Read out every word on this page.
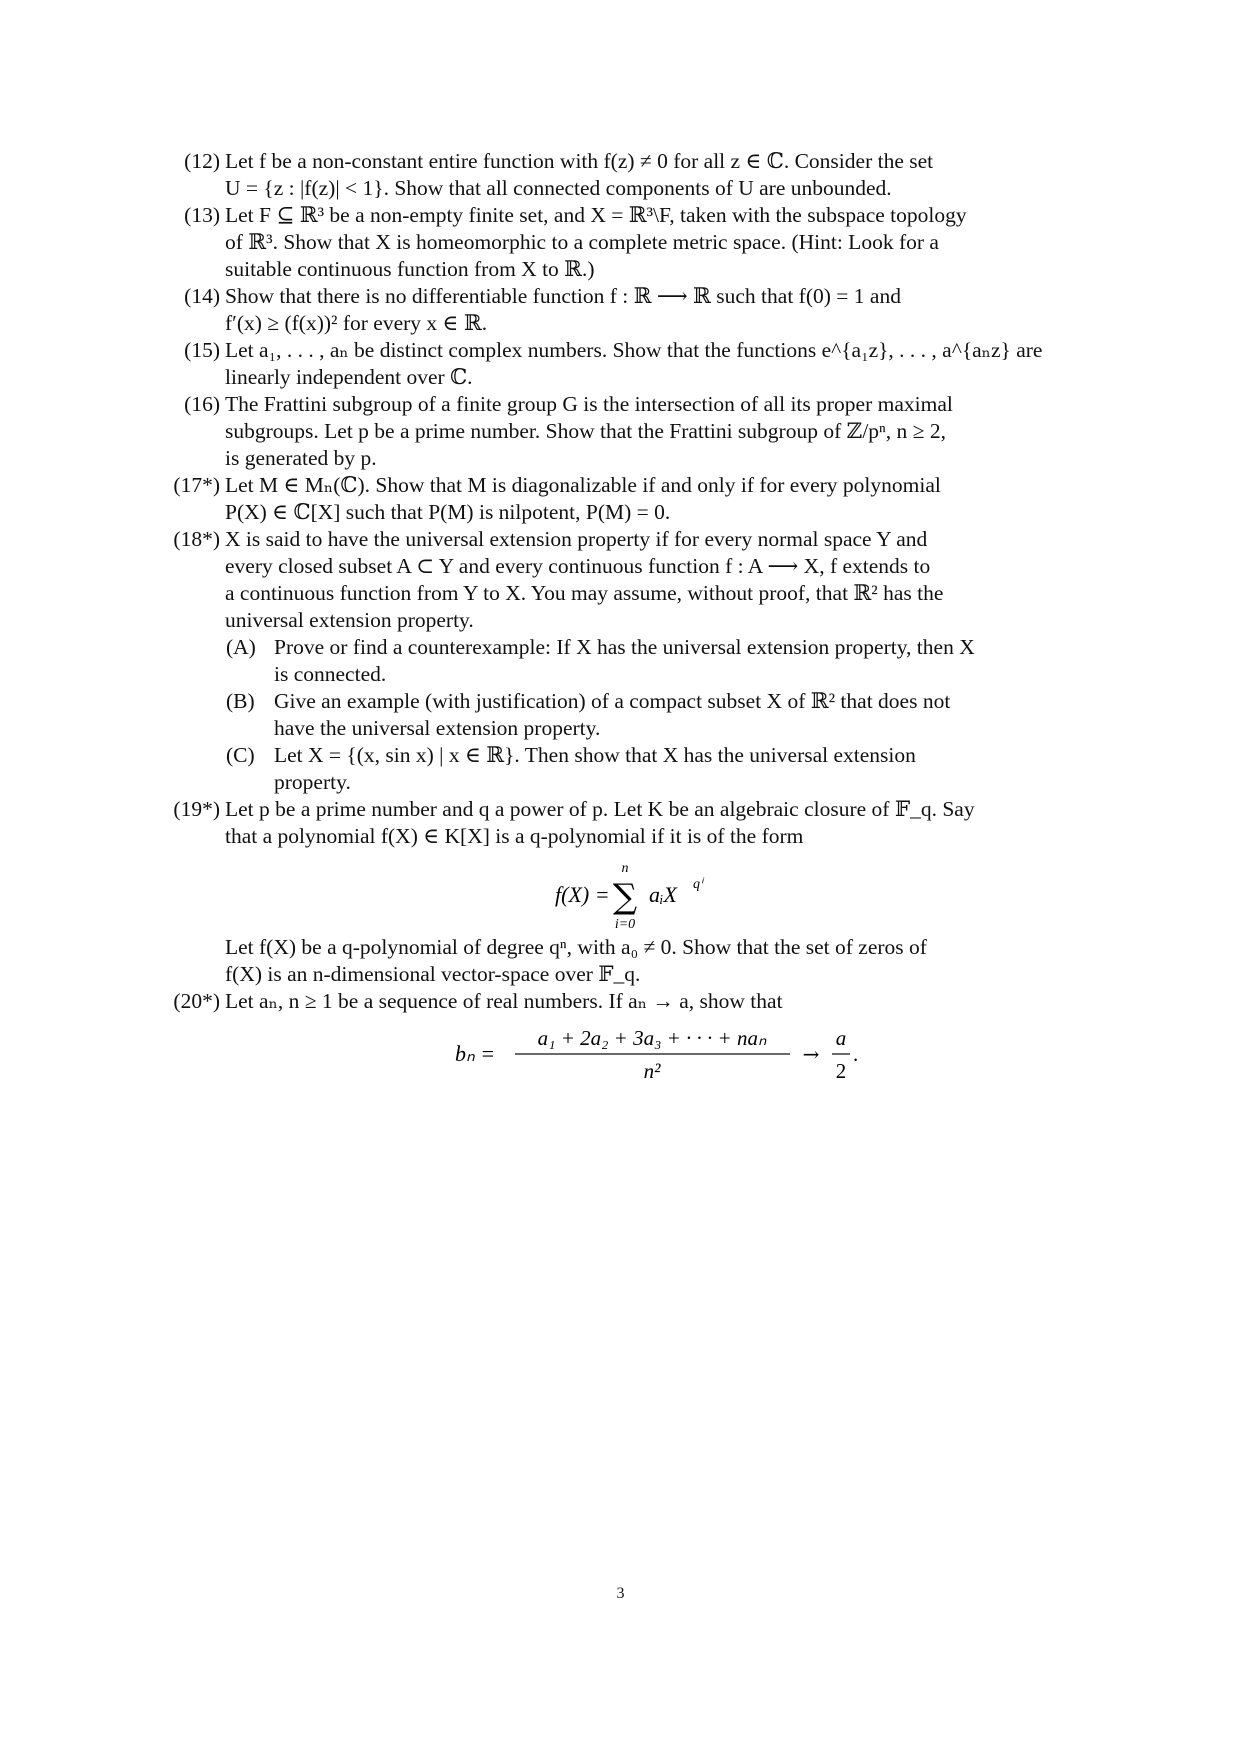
(12) Let f be a non-constant entire function with f(z) ≠ 0 for all z ∈ ℂ. Consider the set
U = {z : |f(z)| < 1}. Show that all connected components of U are unbounded.
(13) Let F ⊆ ℝ³ be a non-empty finite set, and X = ℝ³\F, taken with the subspace topology
of ℝ³. Show that X is homeomorphic to a complete metric space. (Hint: Look for a
suitable continuous function from X to ℝ.)
(14) Show that there is no differentiable function f : ℝ ⟶ ℝ such that f(0) = 1 and
f′(x) ≥ (f(x))² for every x ∈ ℝ.
(15) Let a₁, . . . , aₙ be distinct complex numbers. Show that the functions e^{a₁z}, . . . , a^{aₙz} are
linearly independent over ℂ.
(16) The Frattini subgroup of a finite group G is the intersection of all its proper maximal
subgroups. Let p be a prime number. Show that the Frattini subgroup of ℤ/pⁿ, n ≥ 2,
is generated by p.
(17*) Let M ∈ Mₙ(ℂ). Show that M is diagonalizable if and only if for every polynomial
P(X) ∈ ℂ[X] such that P(M) is nilpotent, P(M) = 0.
(18*) X is said to have the universal extension property if for every normal space Y and
every closed subset A ⊂ Y and every continuous function f : A ⟶ X, f extends to
a continuous function from Y to X. You may assume, without proof, that ℝ² has the
universal extension property.
(A) Prove or find a counterexample: If X has the universal extension property, then X
is connected.
(B) Give an example (with justification) of a compact subset X of ℝ² that does not
have the universal extension property.
(C) Let X = {(x, sin x) | x ∈ ℝ}. Then show that X has the universal extension
property.
(19*) Let p be a prime number and q a power of p. Let K be an algebraic closure of 𝔽_q. Say
that a polynomial f(X) ∈ K[X] is a q-polynomial if it is of the form
f(X) =
n
∑
i=0
aᵢX qⁱ
Let f(X) be a q-polynomial of degree qⁿ, with a₀ ≠ 0. Show that the set of zeros of
f(X) is an n-dimensional vector-space over 𝔽_q.
(20*) Let aₙ, n ≥ 1 be a sequence of real numbers. If aₙ → a, show that
bₙ =
a₁ + 2a₂ + 3a₃ + · · · + naₙ
n²
→
a
2
.
3
